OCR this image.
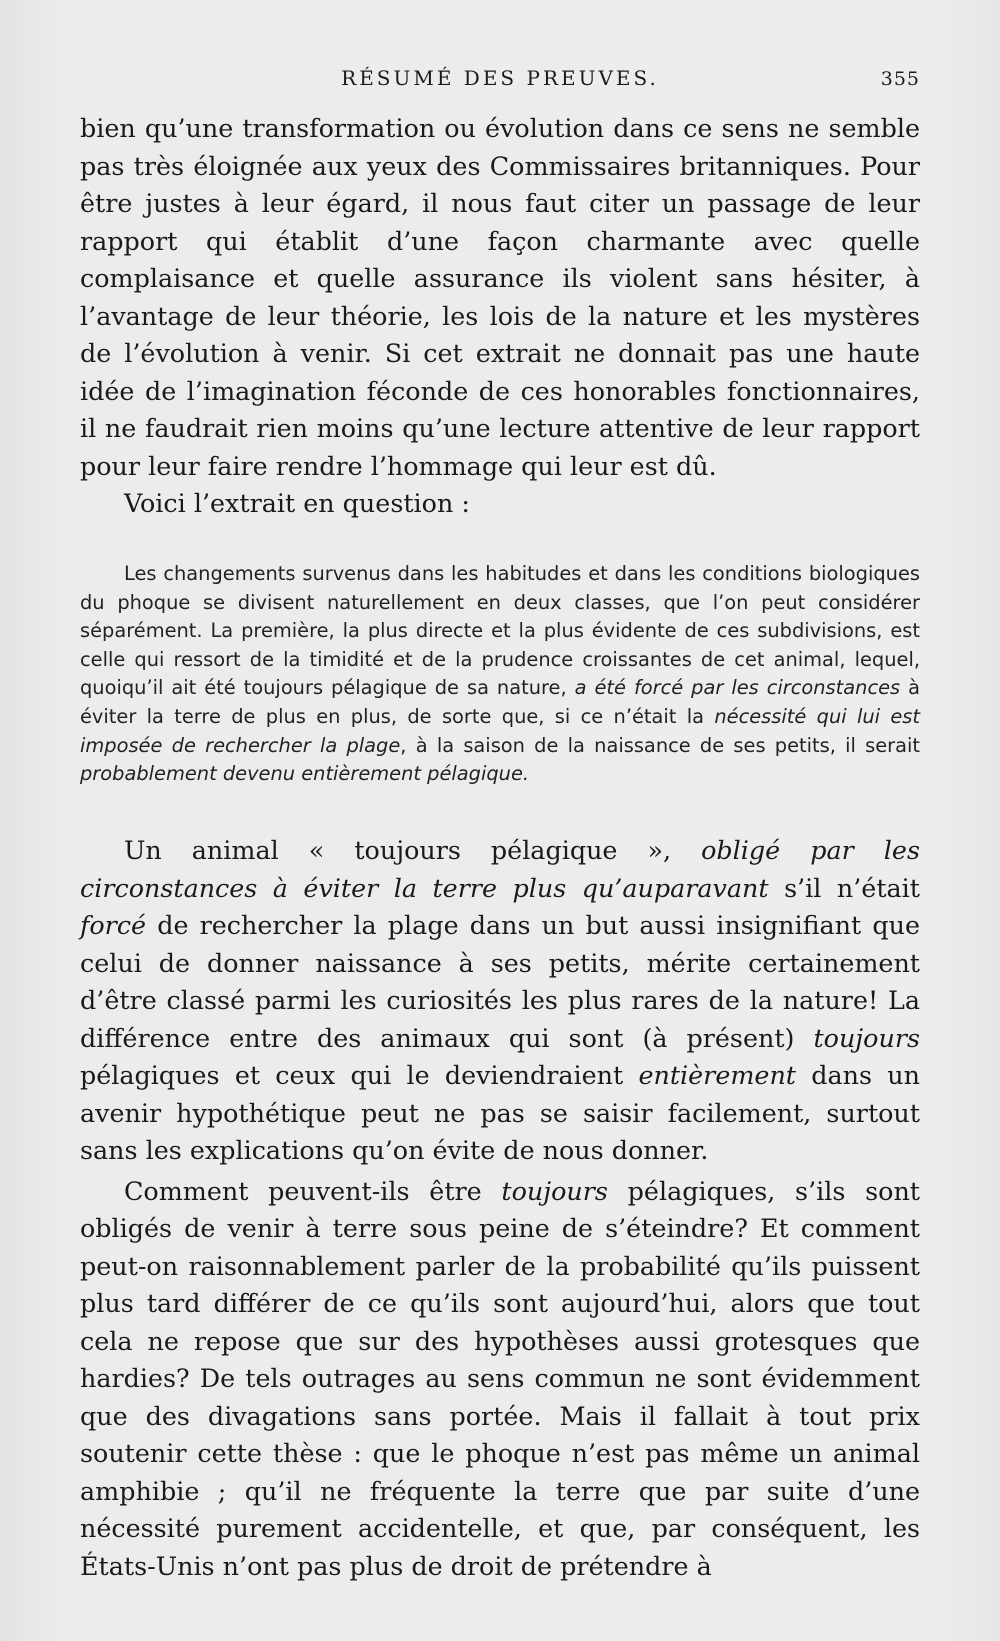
RÉSUMÉ DES PREUVES.	355

bien qu’une transformation ou évolution dans ce sens ne semble pas très éloignée aux yeux des Commissaires britanniques. Pour être justes à leur égard, il nous faut citer un passage de leur rapport qui établit d’une façon charmante avec quelle complaisance et quelle assurance ils violent sans hésiter, à l’avantage de leur théorie, les lois de la nature et les mystères de l’évolution à venir. Si cet extrait ne donnait pas une haute idée de l’imagination féconde de ces honorables fonctionnaires, il ne faudrait rien moins qu’une lecture attentive de leur rapport pour leur faire rendre l’hommage qui leur est dû.

Voici l’extrait en question :

Les changements survenus dans les habitudes et dans les conditions biologiques du phoque se divisent naturellement en deux classes, que l’on peut considérer séparément. La première, la plus directe et la plus évidente de ces subdivisions, est celle qui ressort de la timidité et de la prudence croissantes de cet animal, lequel, quoiqu’il ait été toujours pélagique de sa nature, a été forcé par les circonstances à éviter la terre de plus en plus, de sorte que, si ce n’était la nécessité qui lui est imposée de rechercher la plage, à la saison de la naissance de ses petits, il serait probablement devenu entièrement pélagique.

Un animal « toujours pélagique », obligé par les circonstances à éviter la terre plus qu’auparavant s’il n’était forcé de rechercher la plage dans un but aussi insignifiant que celui de donner naissance à ses petits, mérite certainement d’être classé parmi les curiosités les plus rares de la nature! La différence entre des animaux qui sont (à présent) toujours pélagiques et ceux qui le deviendraient entièrement dans un avenir hypothétique peut ne pas se saisir facilement, surtout sans les explications qu’on évite de nous donner.

Comment peuvent-ils être toujours pélagiques, s’ils sont obligés de venir à terre sous peine de s’éteindre? Et comment peut-on raisonnablement parler de la probabilité qu’ils puissent plus tard différer de ce qu’ils sont aujourd’hui, alors que tout cela ne repose que sur des hypothèses aussi grotesques que hardies? De tels outrages au sens commun ne sont évidemment que des divagations sans portée. Mais il fallait à tout prix soutenir cette thèse : que le phoque n’est pas même un animal amphibie ; qu’il ne fréquente la terre que par suite d’une nécessité purement accidentelle, et que, par conséquent, les États-Unis n’ont pas plus de droit de prétendre à
